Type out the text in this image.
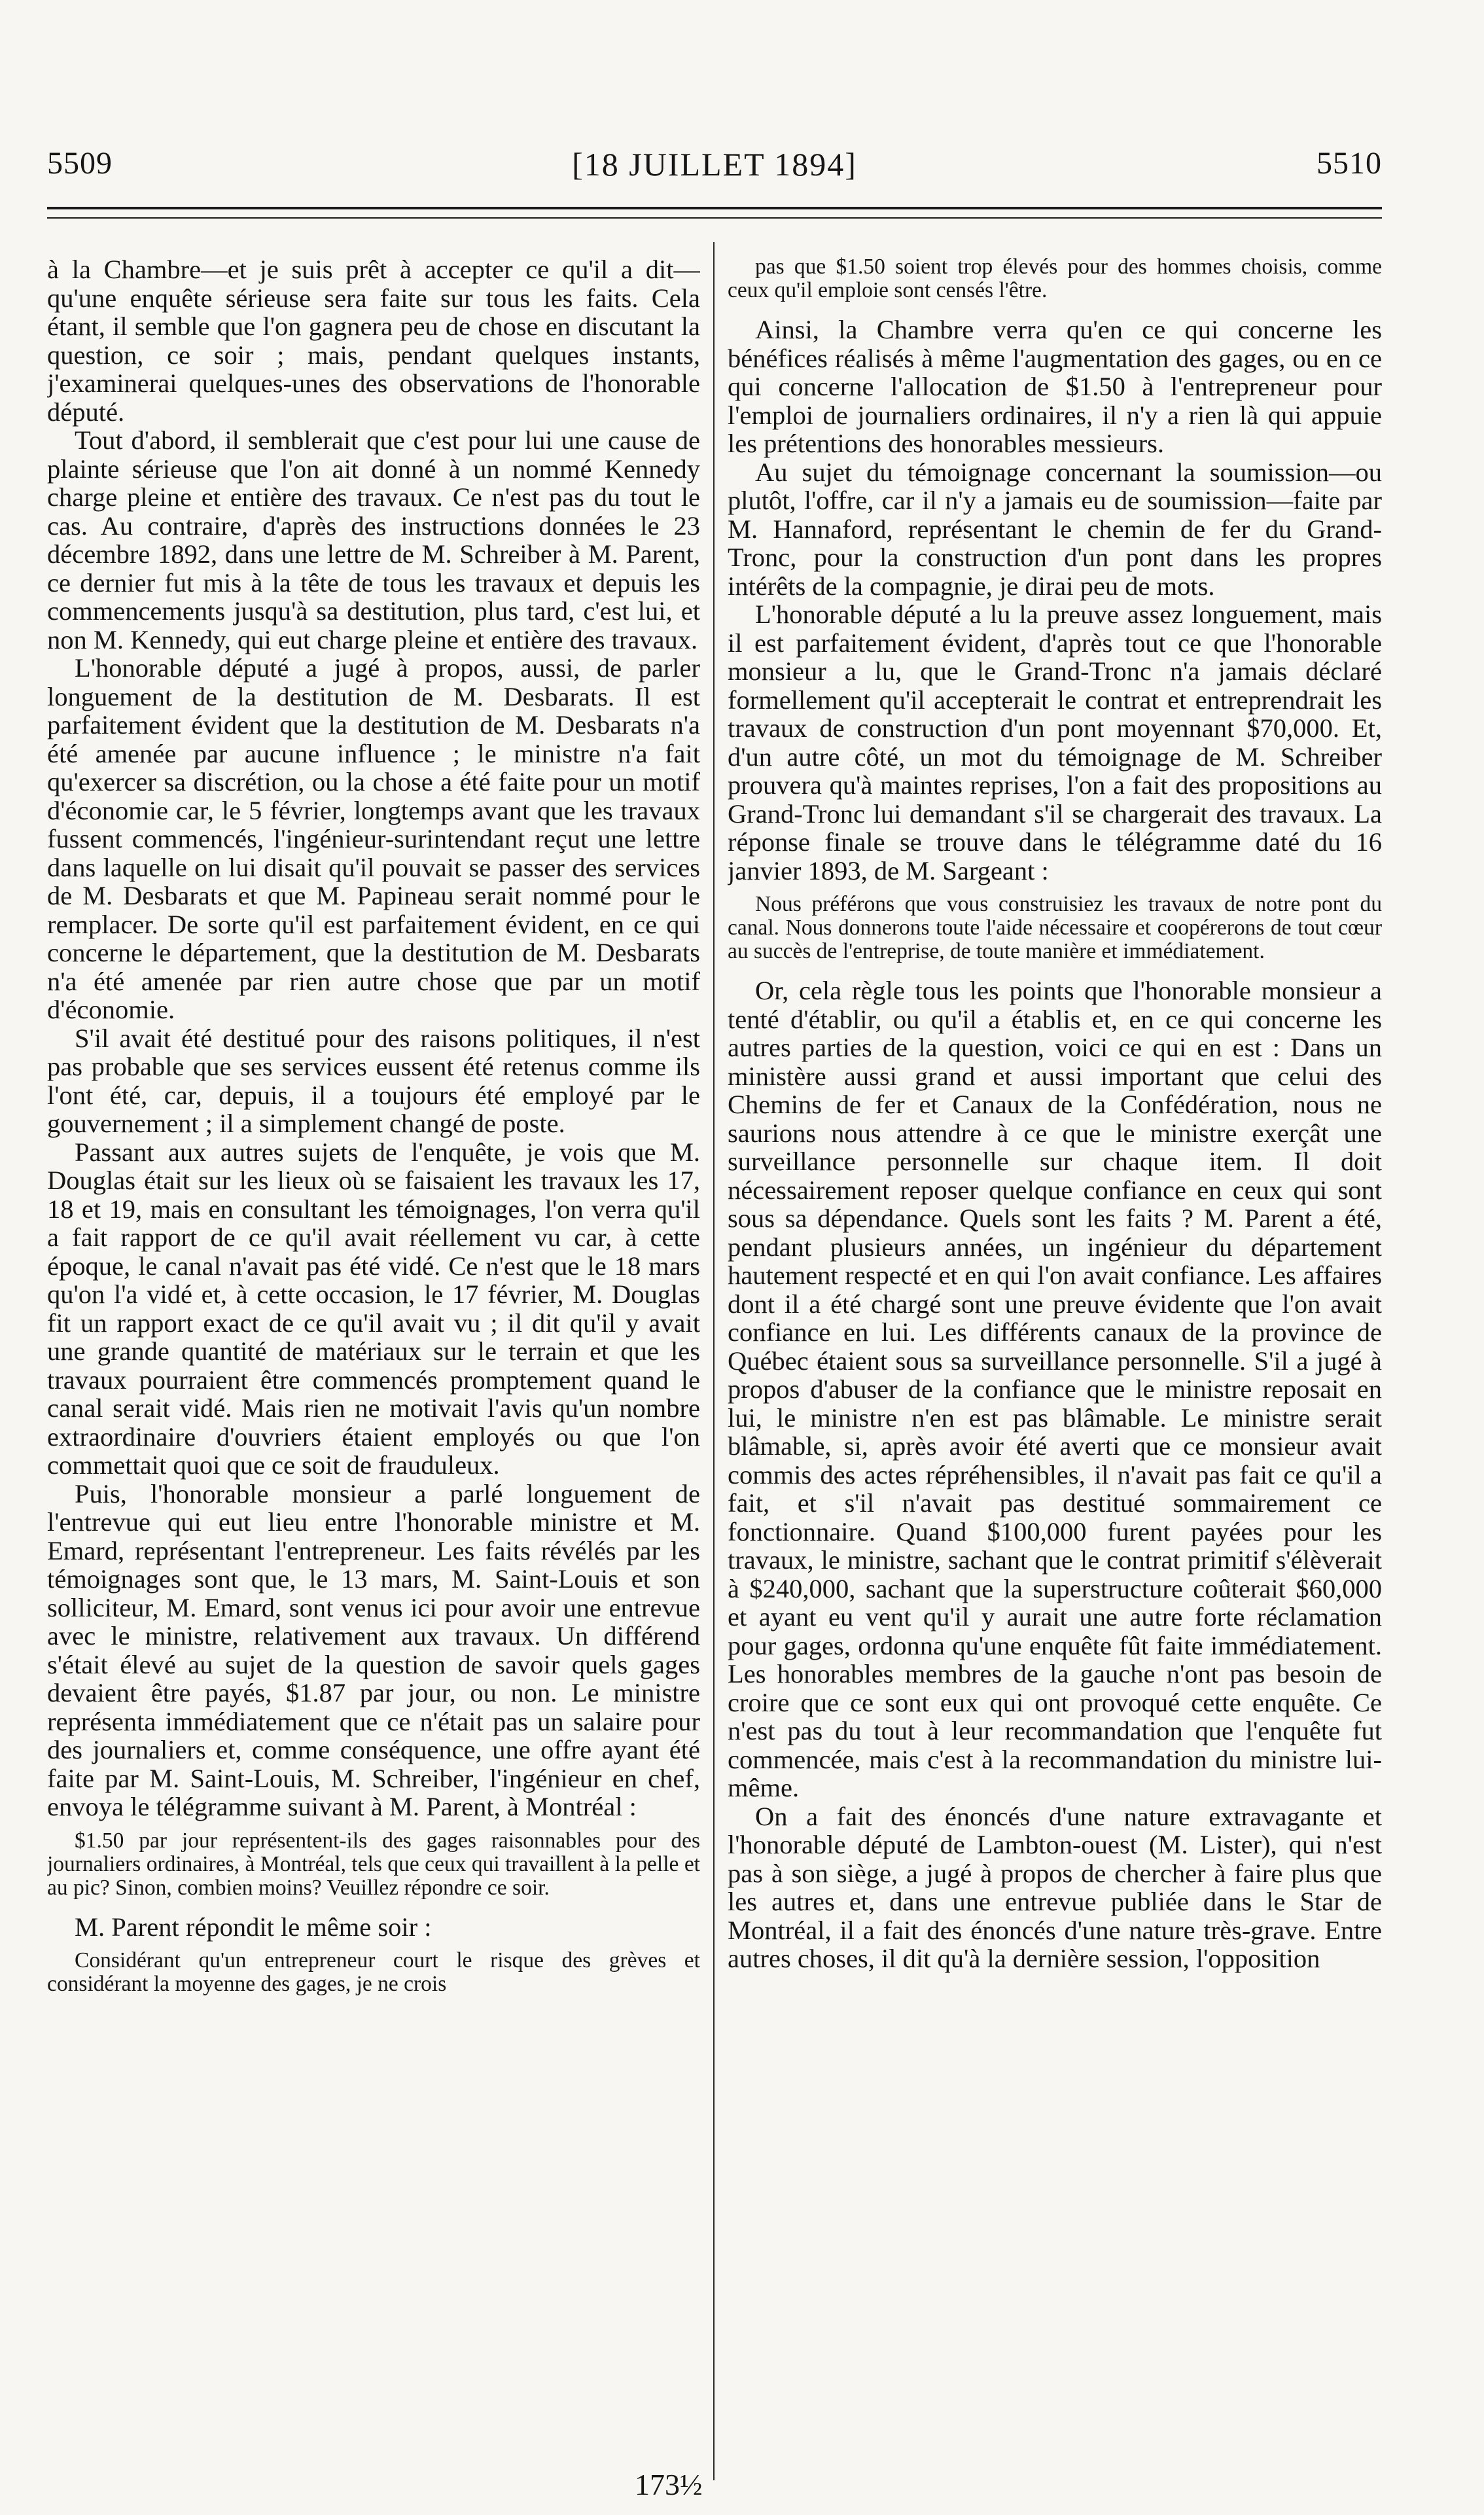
5509	[18 JUILLET 1894]	5510

à la Chambre—et je suis prêt à accepter ce qu'il a dit—qu'une enquête sérieuse sera faite sur tous les faits. Cela étant, il semble que l'on gagnera peu de chose en discutant la question, ce soir ; mais, pendant quelques instants, j'examinerai quelques-unes des observations de l'honorable député.

Tout d'abord, il semblerait que c'est pour lui une cause de plainte sérieuse que l'on ait donné à un nommé Kennedy charge pleine et entière des travaux. Ce n'est pas du tout le cas. Au contraire, d'après des instructions données le 23 décembre 1892, dans une lettre de M. Schreiber à M. Parent, ce dernier fut mis à la tête de tous les travaux et depuis les commencements jusqu'à sa destitution, plus tard, c'est lui, et non M. Kennedy, qui eut charge pleine et entière des travaux.

L'honorable député a jugé à propos, aussi, de parler longuement de la destitution de M. Desbarats. Il est parfaitement évident que la destitution de M. Desbarats n'a été amenée par aucune influence ; le ministre n'a fait qu'exercer sa discrétion, ou la chose a été faite pour un motif d'économie car, le 5 février, longtemps avant que les travaux fussent commencés, l'ingénieur-surintendant reçut une lettre dans laquelle on lui disait qu'il pouvait se passer des services de M. Desbarats et que M. Papineau serait nommé pour le remplacer. De sorte qu'il est parfaitement évident, en ce qui concerne le département, que la destitution de M. Desbarats n'a été amenée par rien autre chose que par un motif d'économie.

S'il avait été destitué pour des raisons politiques, il n'est pas probable que ses services eussent été retenus comme ils l'ont été, car, depuis, il a toujours été employé par le gouvernement ; il a simplement changé de poste.

Passant aux autres sujets de l'enquête, je vois que M. Douglas était sur les lieux où se faisaient les travaux les 17, 18 et 19, mais en consultant les témoignages, l'on verra qu'il a fait rapport de ce qu'il avait réellement vu car, à cette époque, le canal n'avait pas été vidé. Ce n'est que le 18 mars qu'on l'a vidé et, à cette occasion, le 17 février, M. Douglas fit un rapport exact de ce qu'il avait vu ; il dit qu'il y avait une grande quantité de matériaux sur le terrain et que les travaux pourraient être commencés promptement quand le canal serait vidé. Mais rien ne motivait l'avis qu'un nombre extraordinaire d'ouvriers étaient employés ou que l'on commettait quoi que ce soit de frauduleux.

Puis, l'honorable monsieur a parlé longuement de l'entrevue qui eut lieu entre l'honorable ministre et M. Emard, représentant l'entrepreneur. Les faits révélés par les témoignages sont que, le 13 mars, M. Saint-Louis et son solliciteur, M. Emard, sont venus ici pour avoir une entrevue avec le ministre, relativement aux travaux. Un différend s'était élevé au sujet de la question de savoir quels gages devaient être payés, $1.87 par jour, ou non. Le ministre représenta immédiatement que ce n'était pas un salaire pour des journaliers et, comme conséquence, une offre ayant été faite par M. Saint-Louis, M. Schreiber, l'ingénieur en chef, envoya le télégramme suivant à M. Parent, à Montréal :

$1.50 par jour représentent-ils des gages raisonnables pour des journaliers ordinaires, à Montréal, tels que ceux qui travaillent à la pelle et au pic? Sinon, combien moins? Veuillez répondre ce soir.

M. Parent répondit le même soir :

Considérant qu'un entrepreneur court le risque des grèves et considérant la moyenne des gages, je ne crois

pas que $1.50 soient trop élevés pour des hommes choisis, comme ceux qu'il emploie sont censés l'être.

Ainsi, la Chambre verra qu'en ce qui concerne les bénéfices réalisés à même l'augmentation des gages, ou en ce qui concerne l'allocation de $1.50 à l'entrepreneur pour l'emploi de journaliers ordinaires, il n'y a rien là qui appuie les prétentions des honorables messieurs.

Au sujet du témoignage concernant la soumission—ou plutôt, l'offre, car il n'y a jamais eu de soumission—faite par M. Hannaford, représentant le chemin de fer du Grand-Tronc, pour la construction d'un pont dans les propres intérêts de la compagnie, je dirai peu de mots.

L'honorable député a lu la preuve assez longuement, mais il est parfaitement évident, d'après tout ce que l'honorable monsieur a lu, que le Grand-Tronc n'a jamais déclaré formellement qu'il accepterait le contrat et entreprendrait les travaux de construction d'un pont moyennant $70,000. Et, d'un autre côté, un mot du témoignage de M. Schreiber prouvera qu'à maintes reprises, l'on a fait des propositions au Grand-Tronc lui demandant s'il se chargerait des travaux. La réponse finale se trouve dans le télégramme daté du 16 janvier 1893, de M. Sargeant :

Nous préférons que vous construisiez les travaux de notre pont du canal. Nous donnerons toute l'aide nécessaire et coopérerons de tout cœur au succès de l'entreprise, de toute manière et immédiatement.

Or, cela règle tous les points que l'honorable monsieur a tenté d'établir, ou qu'il a établis et, en ce qui concerne les autres parties de la question, voici ce qui en est : Dans un ministère aussi grand et aussi important que celui des Chemins de fer et Canaux de la Confédération, nous ne saurions nous attendre à ce que le ministre exerçât une surveillance personnelle sur chaque item. Il doit nécessairement reposer quelque confiance en ceux qui sont sous sa dépendance. Quels sont les faits ? M. Parent a été, pendant plusieurs années, un ingénieur du département hautement respecté et en qui l'on avait confiance. Les affaires dont il a été chargé sont une preuve évidente que l'on avait confiance en lui. Les différents canaux de la province de Québec étaient sous sa surveillance personnelle. S'il a jugé à propos d'abuser de la confiance que le ministre reposait en lui, le ministre n'en est pas blâmable. Le ministre serait blâmable, si, après avoir été averti que ce monsieur avait commis des actes répréhensibles, il n'avait pas fait ce qu'il a fait, et s'il n'avait pas destitué sommairement ce fonctionnaire. Quand $100,000 furent payées pour les travaux, le ministre, sachant que le contrat primitif s'élèverait à $240,000, sachant que la superstructure coûterait $60,000 et ayant eu vent qu'il y aurait une autre forte réclamation pour gages, ordonna qu'une enquête fût faite immédiatement. Les honorables membres de la gauche n'ont pas besoin de croire que ce sont eux qui ont provoqué cette enquête. Ce n'est pas du tout à leur recommandation que l'enquête fut commencée, mais c'est à la recommandation du ministre lui-même.

On a fait des énoncés d'une nature extravagante et l'honorable député de Lambton-ouest (M. Lister), qui n'est pas à son siège, a jugé à propos de chercher à faire plus que les autres et, dans une entrevue publiée dans le Star de Montréal, il a fait des énoncés d'une nature très-grave. Entre autres choses, il dit qu'à la dernière session, l'opposition

173½
